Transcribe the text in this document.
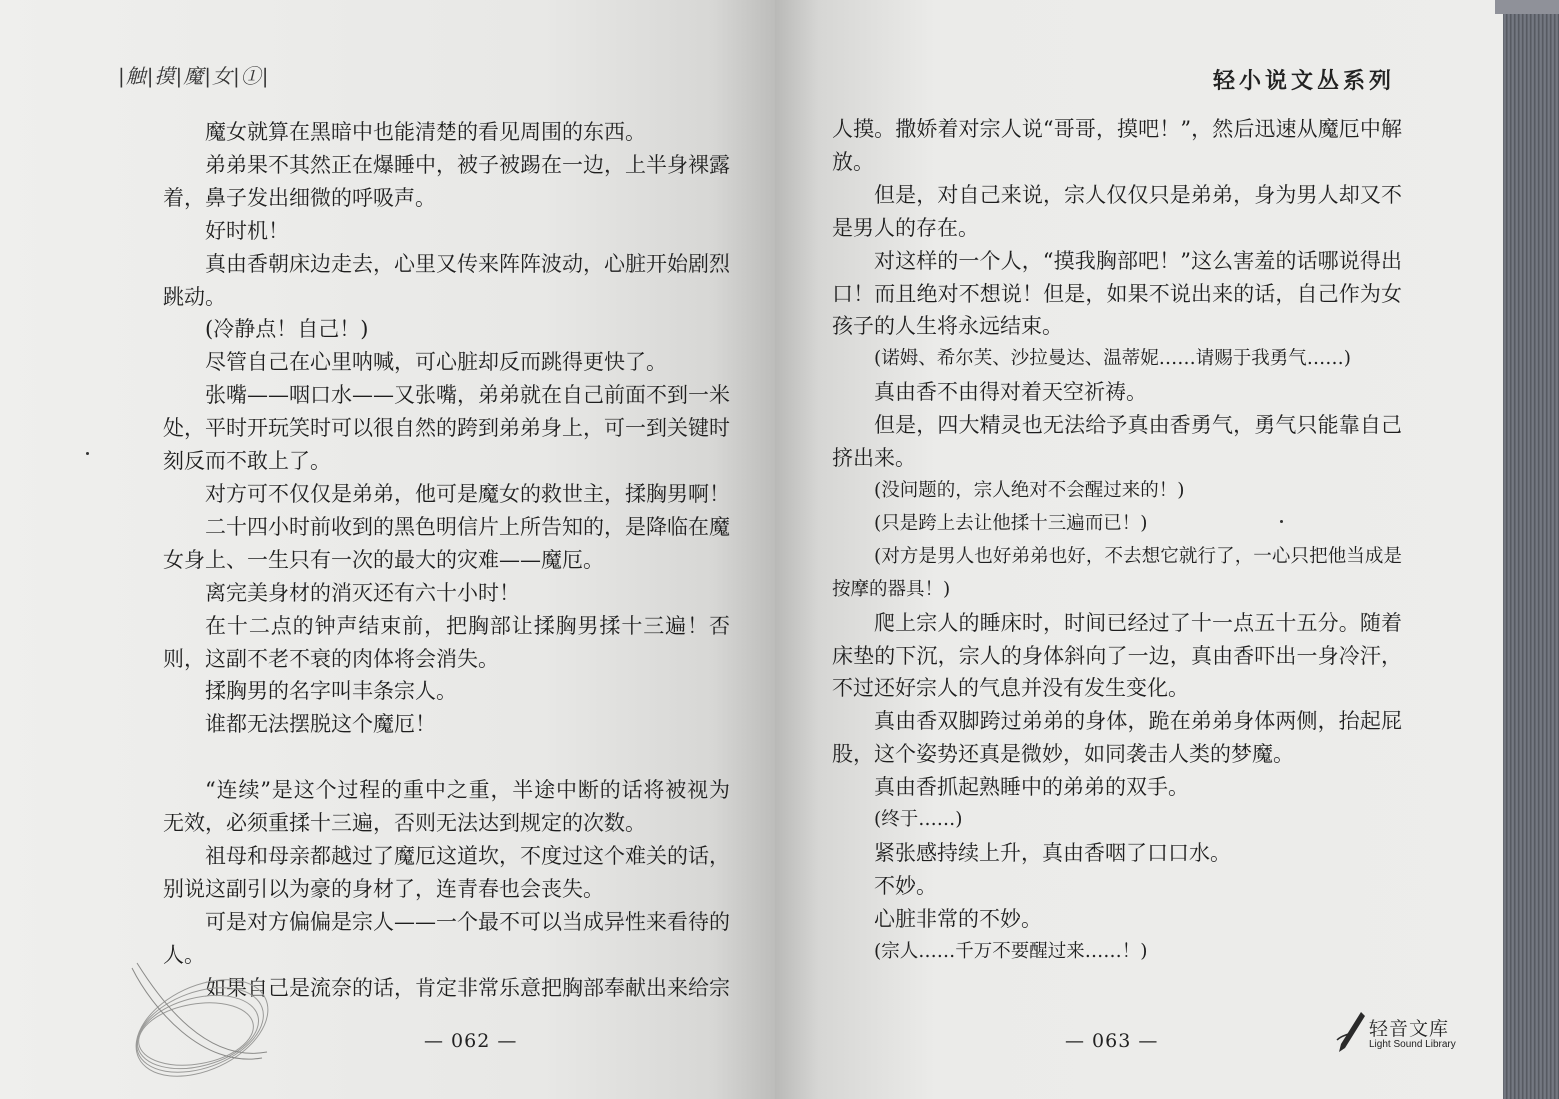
|触|摸|魔|女|①|

魔女就算在黑暗中也能清楚的看见周围的东西。

弟弟果不其然正在爆睡中，被子被踢在一边，上半身裸露着，鼻子发出细微的呼吸声。

好时机！

真由香朝床边走去，心里又传来阵阵波动，心脏开始剧烈跳动。

(冷静点！自己！)

尽管自己在心里呐喊，可心脏却反而跳得更快了。

张嘴——咽口水——又张嘴，弟弟就在自己前面不到一米处，平时开玩笑时可以很自然的跨到弟弟身上，可一到关键时刻反而不敢上了。

对方可不仅仅是弟弟，他可是魔女的救世主，揉胸男啊！

二十四小时前收到的黑色明信片上所告知的，是降临在魔女身上、一生只有一次的最大的灾难——魔厄。

离完美身材的消灭还有六十小时！

在十二点的钟声结束前，把胸部让揉胸男揉十三遍！否则，这副不老不衰的肉体将会消失。

揉胸男的名字叫丰条宗人。

谁都无法摆脱这个魔厄！

“连续”是这个过程的重中之重，半途中断的话将被视为无效，必须重揉十三遍，否则无法达到规定的次数。

祖母和母亲都越过了魔厄这道坎，不度过这个难关的话，别说这副引以为豪的身材了，连青春也会丧失。

可是对方偏偏是宗人——一个最不可以当成异性来看待的人。

如果自己是流奈的话，肯定非常乐意把胸部奉献出来给宗

— 062 —
轻小说文丛系列

人摸。撒娇着对宗人说“哥哥，摸吧！”，然后迅速从魔厄中解放。

但是，对自己来说，宗人仅仅只是弟弟，身为男人却又不是男人的存在。

对这样的一个人，“摸我胸部吧！”这么害羞的话哪说得出口！而且绝对不想说！但是，如果不说出来的话，自己作为女孩子的人生将永远结束。

(诺姆、希尔芙、沙拉曼达、温蒂妮……请赐于我勇气……)

真由香不由得对着天空祈祷。

但是，四大精灵也无法给予真由香勇气，勇气只能靠自己挤出来。

(没问题的，宗人绝对不会醒过来的！)

(只是跨上去让他揉十三遍而已！)

(对方是男人也好弟弟也好，不去想它就行了，一心只把他当成是按摩的器具！)

爬上宗人的睡床时，时间已经过了十一点五十五分。随着床垫的下沉，宗人的身体斜向了一边，真由香吓出一身冷汗，不过还好宗人的气息并没有发生变化。

真由香双脚跨过弟弟的身体，跪在弟弟身体两侧，抬起屁股，这个姿势还真是微妙，如同袭击人类的梦魔。

真由香抓起熟睡中的弟弟的双手。

(终于……)

紧张感持续上升，真由香咽了口口水。

不妙。

心脏非常的不妙。

(宗人……千万不要醒过来……！)

— 063 —
轻音文库
Light Sound Library
